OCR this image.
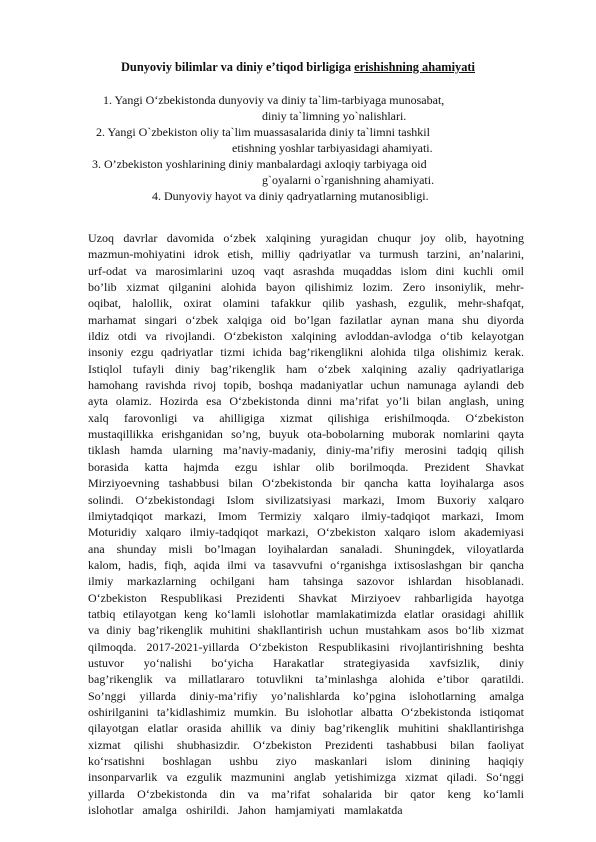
Dunyoviy bilimlar va diniy e’tiqod birligiga erishishning ahamiyati
1. Yangi O‘zbekistonda dunyoviy va diniy ta`lim-tarbiyaga munosabat,
diniy ta`limning yo`nalishlari.
2. Yangi O`zbekiston oliy ta`lim muassasalarida diniy ta`limni tashkil
etishning yoshlar tarbiyasidagi ahamiyati.
3. O’zbekiston yoshlarining diniy manbalardagi axloqiy tarbiyaga oid
g`oyalarni o`rganishning ahamiyati.
4. Dunyoviy hayot va diniy qadryatlarning mutanosibligi.
Uzoq davrlar davomida o‘zbek xalqining yuragidan chuqur joy olib, hayotning
mazmun-mohiyatini idrok etish, milliy qadriyatlar va turmush tarzini, an’nalarini,
urf-odat va marosimlarini uzoq vaqt asrashda muqaddas islom dini kuchli omil
bo’lib xizmat qilganini alohida bayon qilishimiz lozim. Zero insoniylik, mehr-
oqibat, halollik, oxirat olamini tafakkur qilib yashash, ezgulik, mehr-shafqat,
marhamat singari o‘zbek xalqiga oid bo’lgan fazilatlar aynan mana shu diyorda
ildiz otdi va rivojlandi. O‘zbekiston xalqining avloddan-avlodga o‘tib kelayotgan
insoniy ezgu qadriyatlar tizmi ichida bag’rikenglikni alohida tilga olishimiz kerak.
Istiqlol tufayli diniy bag’rikenglik ham o‘zbek xalqining azaliy qadriyatlariga
hamohang ravishda rivoj topib, boshqa madaniyatlar uchun namunaga aylandi deb
ayta olamiz. Hozirda esa O‘zbekistonda dinni ma’rifat yo’li bilan anglash, uning
xalq farovonligi va ahilligiga xizmat qilishiga erishilmoqda. O‘zbekiston
mustaqillikka erishganidan so’ng, buyuk ota-bobolarning muborak nomlarini qayta
tiklash hamda ularning ma’naviy-madaniy, diniy-ma’rifiy merosini tadqiq qilish
borasida katta hajmda ezgu ishlar olib borilmoqda. Prezident Shavkat
Mirziyoevning tashabbusi bilan O‘zbekistonda bir qancha katta loyihalarga asos
solindi. O‘zbekistondagi Islom sivilizatsiyasi markazi, Imom Buxoriy xalqaro
ilmiytadqiqot markazi, Imom Termiziy xalqaro ilmiy-tadqiqot markazi, Imom
Moturidiy xalqaro ilmiy-tadqiqot markazi, O‘zbekiston xalqaro islom akademiyasi
ana shunday misli bo’lmagan loyihalardan sanaladi. Shuningdek, viloyatlarda
kalom, hadis, fiqh, aqida ilmi va tasavvufni o‘rganishga ixtisoslashgan bir qancha
ilmiy markazlarning ochilgani ham tahsinga sazovor ishlardan hisoblanadi.
O‘zbekiston Respublikasi Prezidenti Shavkat Mirziyoev rahbarligida hayotga
tatbiq etilayotgan keng ko‘lamli islohotlar mamlakatimizda elatlar orasidagi ahillik
va diniy bag’rikenglik muhitini shakllantirish uchun mustahkam asos bo‘lib xizmat
qilmoqda. 2017-2021-yillarda O‘zbekiston Respublikasini rivojlantirishning beshta
ustuvor yo‘nalishi bo‘yicha Harakatlar strategiyasida xavfsizlik, diniy
bag’rikenglik va millatlararo totuvlikni ta’minlashga alohida e’tibor qaratildi.
So’nggi yillarda diniy-ma’rifiy yo’nalishlarda ko’pgina islohotlarning amalga
oshirilganini ta’kidlashimiz mumkin. Bu islohotlar albatta O‘zbekistonda istiqomat
qilayotgan elatlar orasida ahillik va diniy bag’rikenglik muhitini shakllantirishga
xizmat qilishi shubhasizdir. O‘zbekiston Prezidenti tashabbusi bilan faoliyat
ko‘rsatishni boshlagan ushbu ziyo maskanlari islom dinining haqiqiy
insonparvarlik va ezgulik mazmunini anglab yetishimizga xizmat qiladi. So‘nggi
yillarda O‘zbekistonda din va ma’rifat sohalarida bir qator keng ko‘lamli
islohotlar amalga oshirildi. Jahon hamjamiyati mamlakatda
